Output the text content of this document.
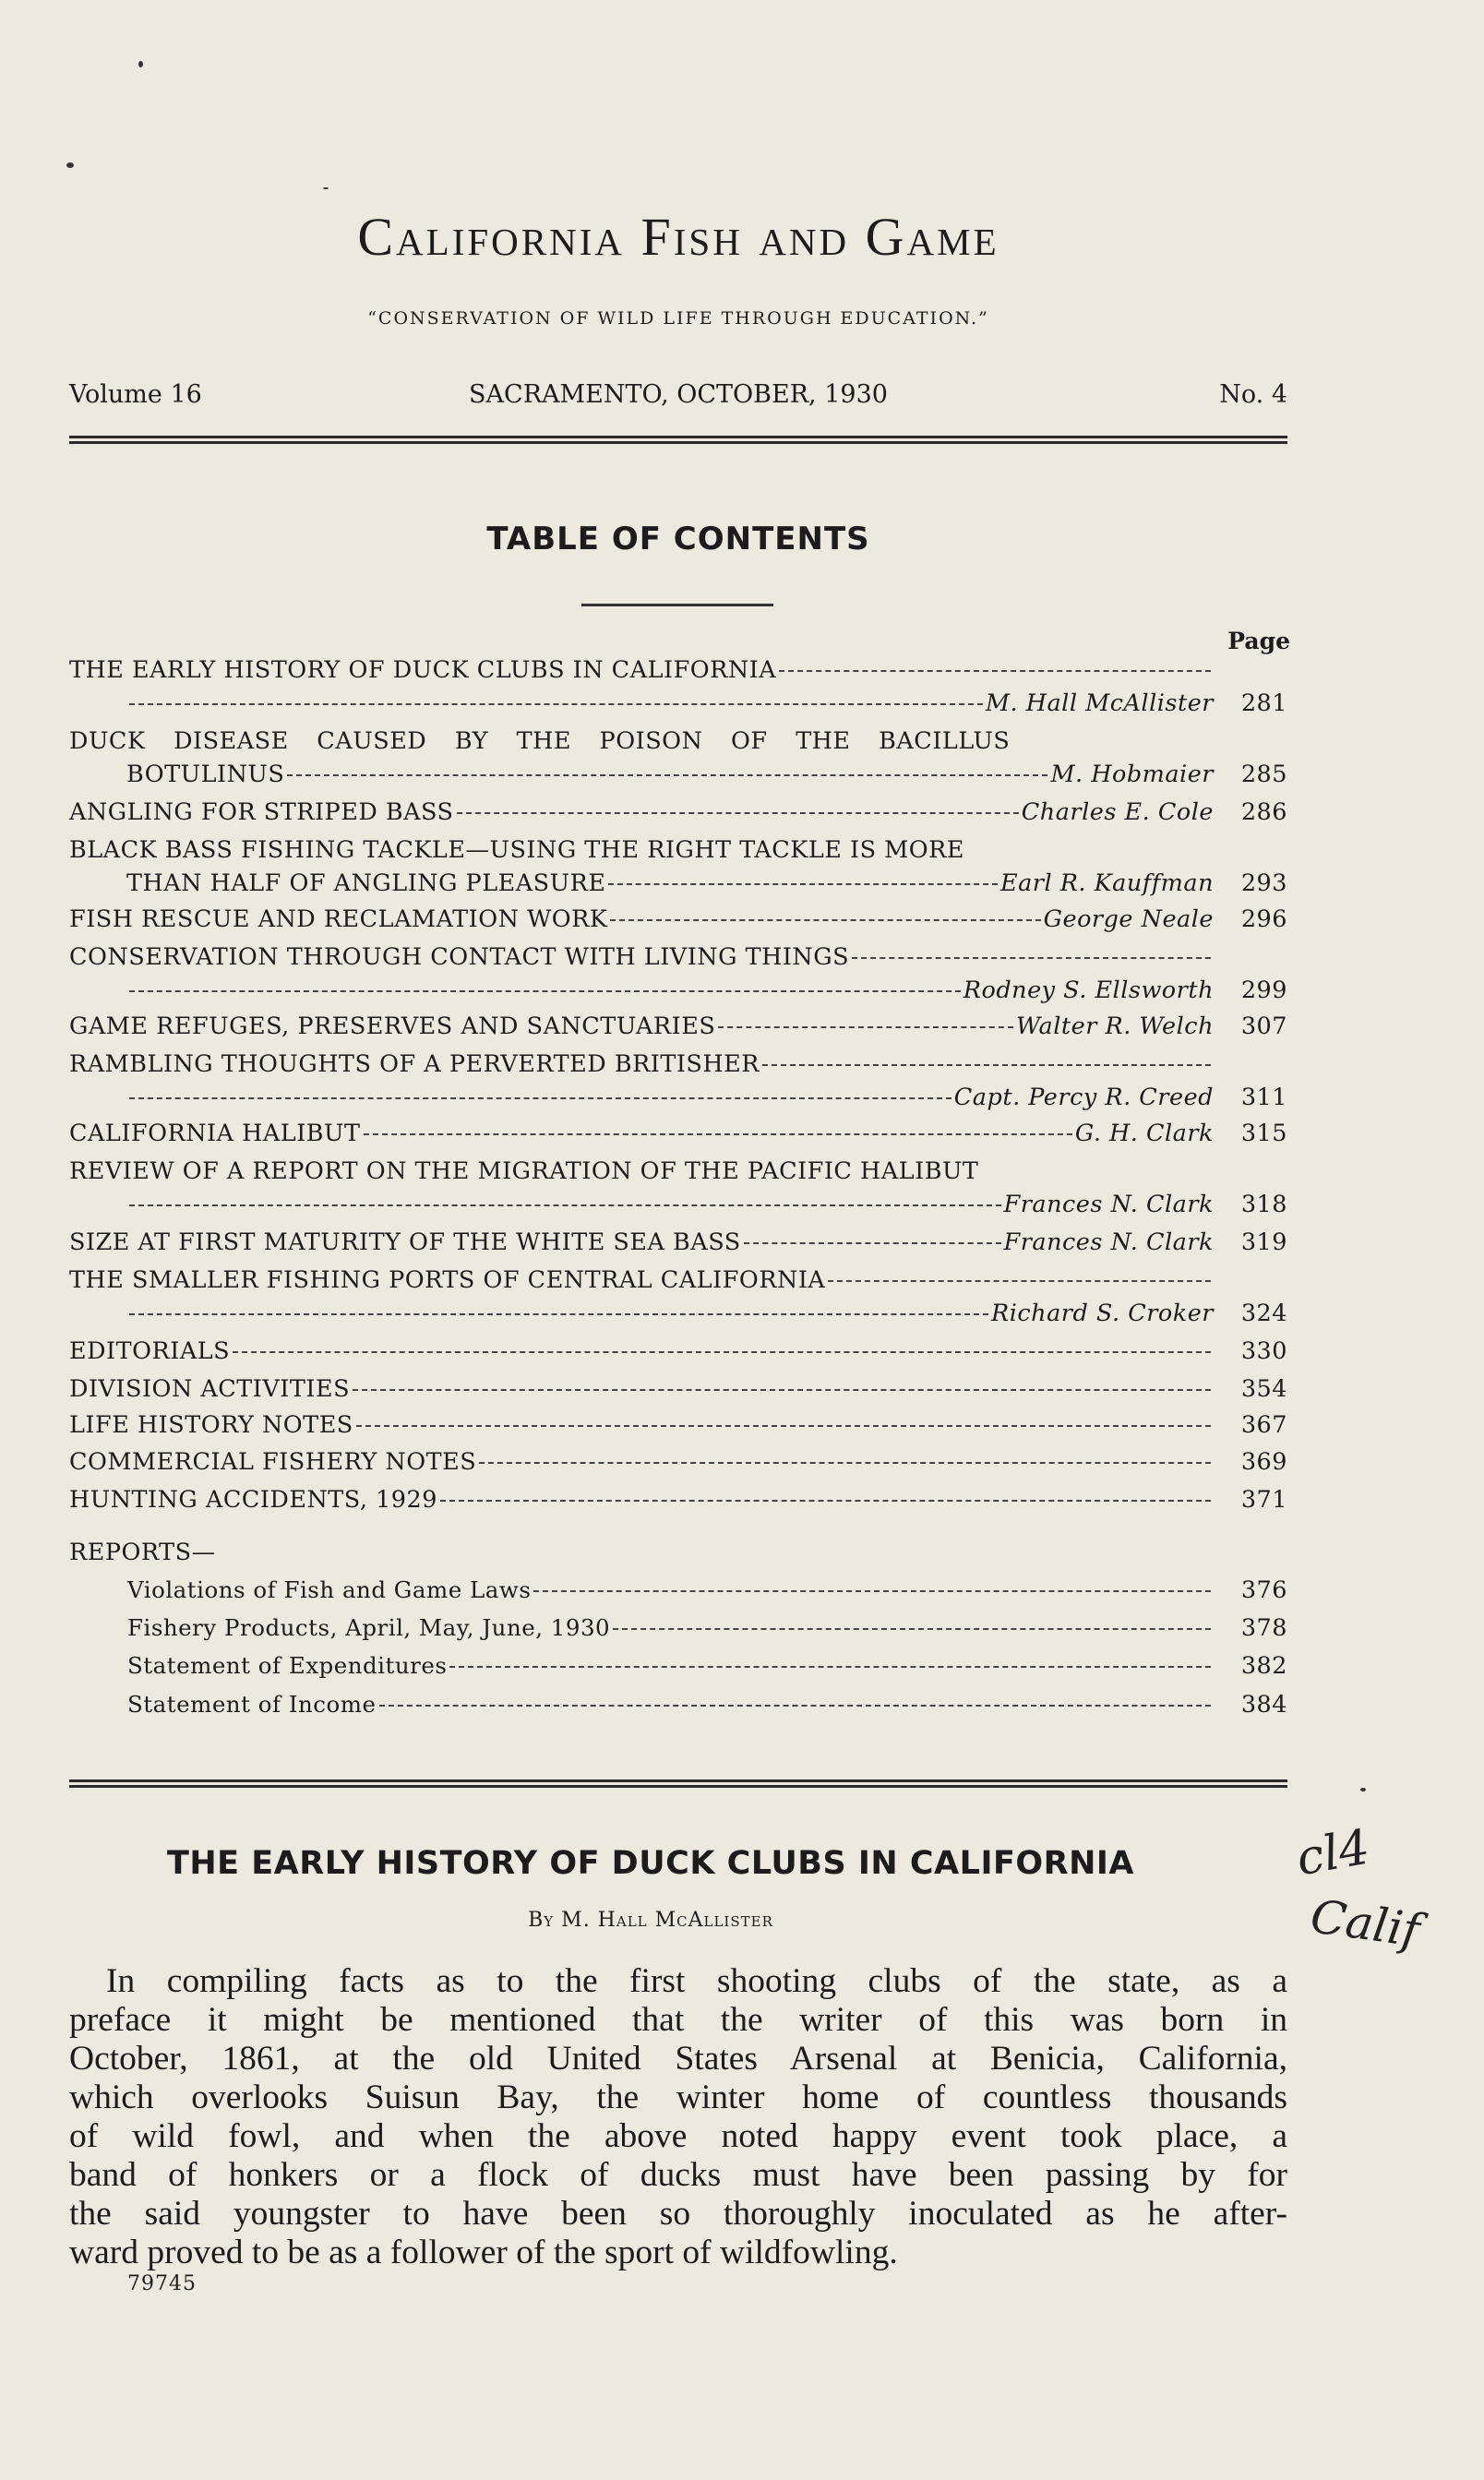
California Fish and Game
“CONSERVATION OF WILD LIFE THROUGH EDUCATION.”
Volume 16	SACRAMENTO, OCTOBER, 1930	No. 4
TABLE OF CONTENTS
Page
THE EARLY HISTORY OF DUCK CLUBS IN CALIFORNIA
M. Hall McAllister 281
DUCK DISEASE CAUSED BY THE POISON OF THE BACILLUS
BOTULINUS	M. Hobmaier 285
ANGLING FOR STRIPED BASS	Charles E. Cole 286
BLACK BASS FISHING TACKLE—USING THE RIGHT TACKLE IS MORE
THAN HALF OF ANGLING PLEASURE	Earl R. Kauffman 293
FISH RESCUE AND RECLAMATION WORK	George Neale 296
CONSERVATION THROUGH CONTACT WITH LIVING THINGS
Rodney S. Ellsworth 299
GAME REFUGES, PRESERVES AND SANCTUARIES	Walter R. Welch 307
RAMBLING THOUGHTS OF A PERVERTED BRITISHER
Capt. Percy R. Creed 311
CALIFORNIA HALIBUT	G. H. Clark 315
REVIEW OF A REPORT ON THE MIGRATION OF THE PACIFIC HALIBUT
Frances N. Clark 318
SIZE AT FIRST MATURITY OF THE WHITE SEA BASS	Frances N. Clark 319
THE SMALLER FISHING PORTS OF CENTRAL CALIFORNIA
Richard S. Croker 324
EDITORIALS	330
DIVISION ACTIVITIES	354
LIFE HISTORY NOTES	367
COMMERCIAL FISHERY NOTES	369
HUNTING ACCIDENTS, 1929	371
REPORTS—
Violations of Fish and Game Laws	376
Fishery Products, April, May, June, 1930	378
Statement of Expenditures	382
Statement of Income	384
THE EARLY HISTORY OF DUCK CLUBS IN CALIFORNIA
By M. Hall McAllister
In compiling facts as to the first shooting clubs of the state, as a
preface it might be mentioned that the writer of this was born in
October, 1861, at the old United States Arsenal at Benicia, California,
which overlooks Suisun Bay, the winter home of countless thousands
of wild fowl, and when the above noted happy event took place, a
band of honkers or a flock of ducks must have been passing by for
the said youngster to have been so thoroughly inoculated as he after-
ward proved to be as a follower of the sport of wildfowling.
79745
cl4
Calif
